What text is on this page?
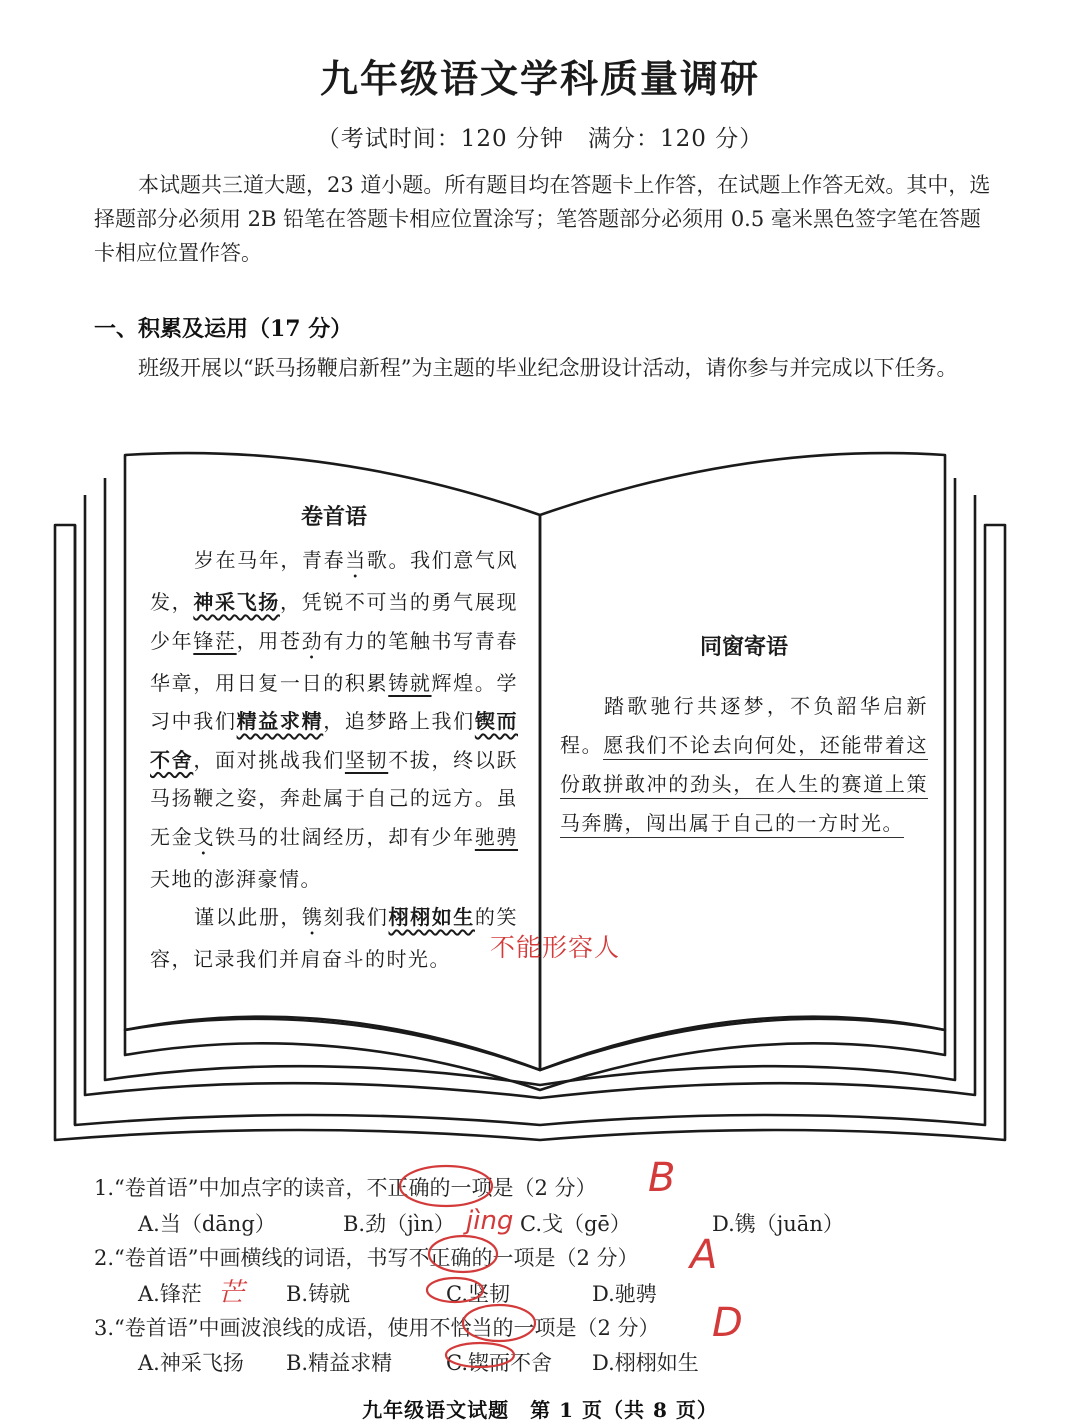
九年级语文学科质量调研
（考试时间：120 分钟　满分：120 分）
本试题共三道大题，23 道小题。所有题目均在答题卡上作答，在试题上作答无效。其中，选择题部分必须用 2B 铅笔在答题卡相应位置涂写；笔答题部分必须用 0.5 毫米黑色签字笔在答题卡相应位置作答。
一、积累及运用（17 分）
班级开展以“跃马扬鞭启新程”为主题的毕业纪念册设计活动，请你参与并完成以下任务。
卷首语
岁在马年，青春当歌。我们意气风发，神采飞扬，凭锐不可当的勇气展现少年锋茫，用苍劲有力的笔触书写青春华章，用日复一日的积累铸就辉煌。学习中我们精益求精，追梦路上我们锲而不舍，面对挑战我们坚韧不拔，终以跃马扬鞭之姿，奔赴属于自己的远方。虽无金戈铁马的壮阔经历，却有少年驰骋天地的澎湃豪情。
谨以此册，镌刻我们栩栩如生的笑容，记录我们并肩奋斗的时光。
同窗寄语
踏歌驰行共逐梦，不负韶华启新程。愿我们不论去向何处，还能带着这份敢拼敢冲的劲头，在人生的赛道上策马奔腾，闯出属于自己的一方时光。
不能形容人
1.“卷首语”中加点字的读音，不正确的一项是（2 分）
A.当（dāng）	B.劲（jìn）	C.戈（gē）	D.镌（juān）
B
jìng
2.“卷首语”中画横线的词语，书写不正确的一项是（2 分）
A.锋茫	B.铸就	C.坚韧	D.驰骋
A
芒
3.“卷首语”中画波浪线的成语，使用不恰当的一项是（2 分）
A.神采飞扬 B.精益求精	C.锲而不舍 D.栩栩如生
D
九年级语文试题　第 1 页（共 8 页）
